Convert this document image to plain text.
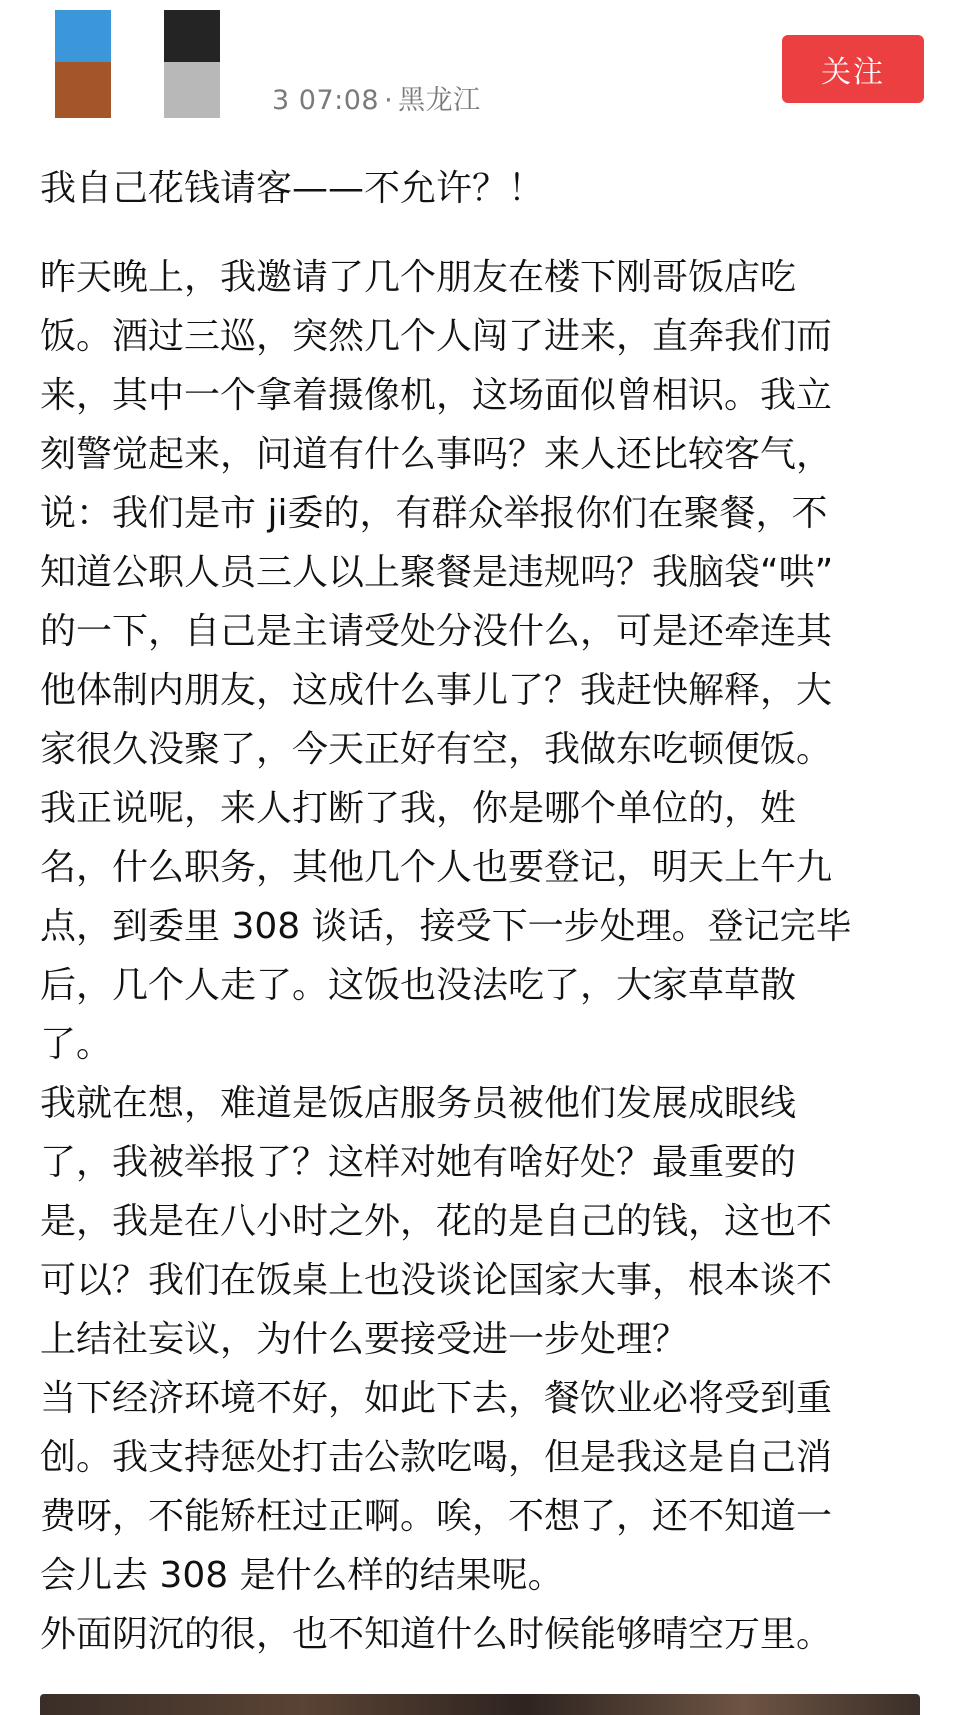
3 07:08 · 黑龙江
关注
我自己花钱请客——不允许？！
昨天晚上，我邀请了几个朋友在楼下刚哥饭店吃
饭。酒过三巡，突然几个人闯了进来，直奔我们而
来，其中一个拿着摄像机，这场面似曾相识。我立
刻警觉起来，问道有什么事吗？来人还比较客气，
说：我们是市 ji委的，有群众举报你们在聚餐，不
知道公职人员三人以上聚餐是违规吗？我脑袋“哄”
的一下，自己是主请受处分没什么，可是还牵连其
他体制内朋友，这成什么事儿了？我赶快解释，大
家很久没聚了，今天正好有空，我做东吃顿便饭。
我正说呢，来人打断了我，你是哪个单位的，姓
名，什么职务，其他几个人也要登记，明天上午九
点，到委里 308 谈话，接受下一步处理。登记完毕
后，几个人走了。这饭也没法吃了，大家草草散
了。
我就在想，难道是饭店服务员被他们发展成眼线
了，我被举报了？这样对她有啥好处？最重要的
是，我是在八小时之外，花的是自己的钱，这也不
可以？我们在饭桌上也没谈论国家大事，根本谈不
上结社妄议，为什么要接受进一步处理？
当下经济环境不好，如此下去，餐饮业必将受到重
创。我支持惩处打击公款吃喝，但是我这是自己消
费呀，不能矫枉过正啊。唉，不想了，还不知道一
会儿去 308 是什么样的结果呢。
外面阴沉的很，也不知道什么时候能够晴空万里。
